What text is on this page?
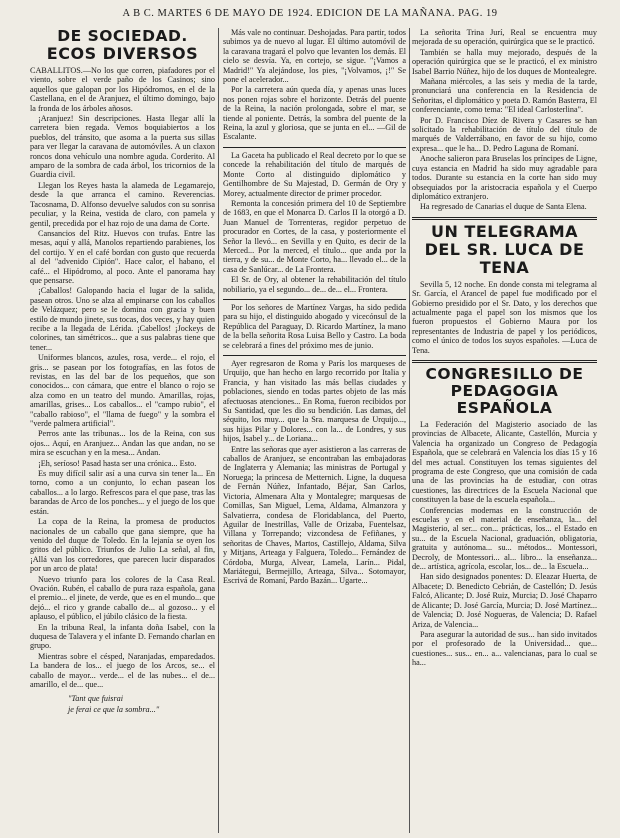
A B C. MARTES 6 DE MAYO DE 1924. EDICION DE LA MAÑANA. PAG. 19
DE SOCIEDAD.
ECOS DIVERSOS

CABALLITOS.—No los que corren, piafadores por el viento, sobre el verde paño de los Casinos; sino aquellos que galopan por los Hipódromos, en el de la Castellana, en el de Aranjuez, el último domingo, bajo la fronda de los árboles añosos.

¡Aranjuez! Sin descripciones. Hasta llegar allí la carretera bien regada. Vemos boquiabiertos a los pueblos, del tránsito, que asoma a la puerta sus sillas para ver llegar la caravana de automóviles. A un claxon roncos dona vehículo una nombre aguda. Corderito. Al amparo de la sombra de cada árbol, los tricornios de la Guardia civil.

Llegan los Reyes hasta la alameda de Legamarejo, desde la que arranca el camino. Reverencias. Tacosnama, D. Alfonso devuelve saludos con su sonrisa peculiar, y la Reina, vestida de claro, con pamela y gentil, precedida por el haz rojo de una dama de Corte.

Cansancios del Ritz. Huevos con trufas. Entre las mesas, aquí y allá, Manolos repartiendo parabienes, los del cortijo. Y en el café bordan con gusto que recuerda al del "advenido Cipión". Hace calor, el habano, el café... el Hipódromo, al poco. Ante el panorama hay que pensarse.

¡Caballos! Galopando hacia el lugar de la salida, pasean otros. Uno se alza al empinarse con los caballos de Velázquez; pero se le domina con gracia y buen estilo de mundo jinete, sus tocas, dos veces, y hay quien recibe a la llegada de Lérida. ¡Cabellos! ¡Jockeys de colorines, tan simétricos... que a sus palabras tiene que tener...

Uniformes blancos, azules, rosa, verde... el rojo, el gris... se pasean por los fotografías, en las fotos de revistas, en las del bar de los pequeños, que son conocidos... con cámara, que entre el blanco o rojo se alza como en un teatro del mundo. Amarillas, rojas, amarillas, grises... Los caballos... el "campo rubio", el "caballo rabioso", el "llama de fuego" y la sombra el "verde palmera artificial".

Perros ante las tribunas... los de la Reina, con sus ojos... Aquí, en Aranjuez... Andan las que andan, no se mira se escuchan y en la mesa... Andan.

¡Eh, seríoso! Pasad hasta ser una crónica... Esto.

Es muy difícil salir así a una curva sin tener la... En torno, como a un conjunto, lo echan pasean los caballos... a lo largo. Refrescos para el que pase, tras las barandas de Arco de los ponches... y el juego de los que están.

La copa de la Reina, la promesa de productos nacionales de un caballo que gana siempre, que ha venido del duque de Toledo. En la lejanía se oyen los gritos del público. Triunfos de Julio La señal, al fin, ¡Allá van los corredores, que parecen lucir disparados por un arco de plata!

Nuevo triunfo para los colores de la Casa Real. Ovación. Rubén, el caballo de pura raza española, gana el premio... el jinete, de verde, que es en el mundo... que dejó... el rico y grande caballo de... al gozoso... y el aplauso, el público, el júbilo clásico de la fiesta.

En la tribuna Real, la infanta doña Isabel, con la duquesa de Talavera y el infante D. Fernando charlan en grupo.

Mientras sobre el césped, Naranjadas, emparedados. La bandera de los... el juego de los Arcos, se... el caballo de mayor... verde... el de las nubes... el de... amarillo, el de... que...

"Tant que fuisrai

je ferai ce que la sombra..."

Más vale no continuar. Deshojadas. Para partir, todos subimos ya de nuevo al lugar. El último automóvil de la caravana tragará el polvo que levanten los demás. El cielo se desvía. Ya, en cortejo, se sigue. "¡Vamos a Madrid!" Ya alejándose, los pies, "¡Volvamos, ¡!" Se pone el acelerador...

Por la carretera aún queda día, y apenas unas luces nos ponen rojas sobre el horizonte. Detrás del puente de la Reina, la nación prolongada, sobre el mar, se tiende al poniente. Detrás, la sombra del puente de la Reina, la azul y gloriosa, que se junta en el... —Gil de Escalante.

La Gaceta ha publicado el Real decreto por lo que se concede la rehabilitación del título de marqués de Monte Corto al distinguido diplomático y Gentilhombre de Su Majestad, D. Germán de Ory y Morey, actualmente director de primer procedor.

Remonta la concesión primera del 10 de Septiembre de 1683, en que el Monarca D. Carlos II la otorgó a D. Juan Manuel de Torrenteras, regidor perpetuo de procurador en Cortes, de la casa, y posteriormente el Señor la llevó... en Sevilla y en Quito, es decir de la Merced... Por la merced, el título... que anda por la tierra, y de su... de Monte Corto, ha... llevado el... de la casa de Sanlúcar... de La Frontera.

El Sr. de Ory, al obtener la rehabilitación del título nobiliario, ya el segundo... de... de... el... Frontera.

Por los señores de Martínez Vargas, ha sido pedida para su hijo, el distinguido abogado y vicecónsul de la República del Paraguay, D. Ricardo Martínez, la mano de la bella señorita Rosa Luisa Bello y Castro. La boda se celebrará a fines del próximo mes de junio.

Ayer regresaron de Roma y París los marqueses de Urquijo, que han hecho en largo recorrido por Italia y Francia, y han visitado las más bellas ciudades y poblaciones, siendo en todas partes objeto de las más afectuosas atenciones... En Roma, fueron recibidos por Su Santidad, que les dio su bendición. Las damas, del séquito, los muy... que la Sra. marquesa de Urquijo..., sus hijas Pilar y Dolores... con la... de Londres, y sus hijos, Isabel y... de Loriana...

Entre las señoras que ayer asistieron a las carreras de caballos de Aranjuez, se encontraban las embajadoras de Inglaterra y Alemania; las ministras de Portugal y Noruega; la princesa de Metternich. Ligne, la duquesa de Fernán Núñez, Infantado, Béjar, San Carlos, Victoria, Almenara Alta y Montalegre; marquesas de Comillas, San Miguel, Lema, Aldama, Almanzora y Salvatierra, condesa de Floridablanca, del Puerto, Aguilar de Inestrillas, Valle de Orizaba, Fuentelsaz, Villana y Torrepando; vizcondesa de Fefiñanes, y señoritas de Chaves, Martos, Castillejo, Aldama, Silva y Mitjans, Arteaga y Falguera, Toledo... Fernández de Córdoba, Murga, Alvear, Lamela, Larín... Pidal, Mariátegui, Bermejillo, Arteaga, Silva... Sotomayor, Escrivá de Romaní, Pardo Bazán... Ugarte...

La señorita Trina Jurí, Real se encuentra muy mejorada de su operación, quirúrgica que se le practicó.

También se halla muy mejorado, después de la operación quirúrgica que se le practicó, el ex ministro Isabel Barrio Núñez, hijo de los duques de Montealegre.

Mañana miércoles, a las seis y media de la tarde, pronunciará una conferencia en la Residencia de Señoritas, el diplomático y poeta D. Ramón Basterra, El conferenciante, como tema: "El ideal Carlosterlina".

Por D. Francisco Díez de Rivera y Casares se han solicitado la rehabilitación de título del título de marqués de Valderrábano, en favor de su hijo, como expresa... que le ha... D. Pedro Laguna de Romaní.

Anoche salieron para Bruselas los príncipes de Ligne, cuya estancia en Madrid ha sido muy agradable para todos. Durante su estancia en la corte han sido muy obsequiados por la aristocracia española y el Cuerpo diplomático extranjero.

Ha regresado de Canarias el duque de Santa Elena.

UN TELEGRAMA DEL SR. LUCA DE TENA

Sevilla 5, 12 noche. En donde consta mi telegrama al Sr. García, el Arancel de papel fue modificado por el Gobierno presidido por el Sr. Dato, y los derechos que actualmente paga el papel son los mismos que los fueron propuestos el Gobierno Maura por los representantes de Industria de papel y los periódicos, como el único de todos los suyos españoles. —Luca de Tena.

CONGRESILLO DE PEDAGOGIA ESPAÑOLA

La Federación del Magisterio asociado de las provincias de Albacete, Alicante, Castellón, Murcia y Valencia ha organizado un Congreso de Pedagogía Española, que se celebrará en Valencia los días 15 y 16 del mes actual. Constituyen los temas siguientes del programa de este Congreso, que una comisión de cada una de las provincias ha de estudiar, con otras cuestiones, las directrices de la Escuela Nacional que constituyen la base de la escuela española...

Conferencias modernas en la construcción de escuelas y en el material de enseñanza, la... del Magisterio, al ser... con... prácticas, los... el Estado en su... de la Escuela Nacional, graduación, obligatoria, gratuita y autónoma... su... métodos... Montessori, Decroly, de Montessori... al... libro... la enseñanza... de... artística, agrícola, escolar, los... de... la Escuela...

Han sido designados ponentes: D. Eleazar Huerta, de Albacete; D. Benedicto Cebrián, de Castellón; D. Jesús Falcó, Alicante; D. José Ruiz, Murcia; D. José Chaparro de Alicante; D. José García, Murcia; D. José Martínez... de Valencia; D. José Nogueras, de Valencia; D. Rafael Ariza, de Valencia...

Para asegurar la autoridad de sus... han sido invitados por el profesorado de la Universidad... que... cuestiones... sus... en... a... valencianas, para lo cual se ha...
